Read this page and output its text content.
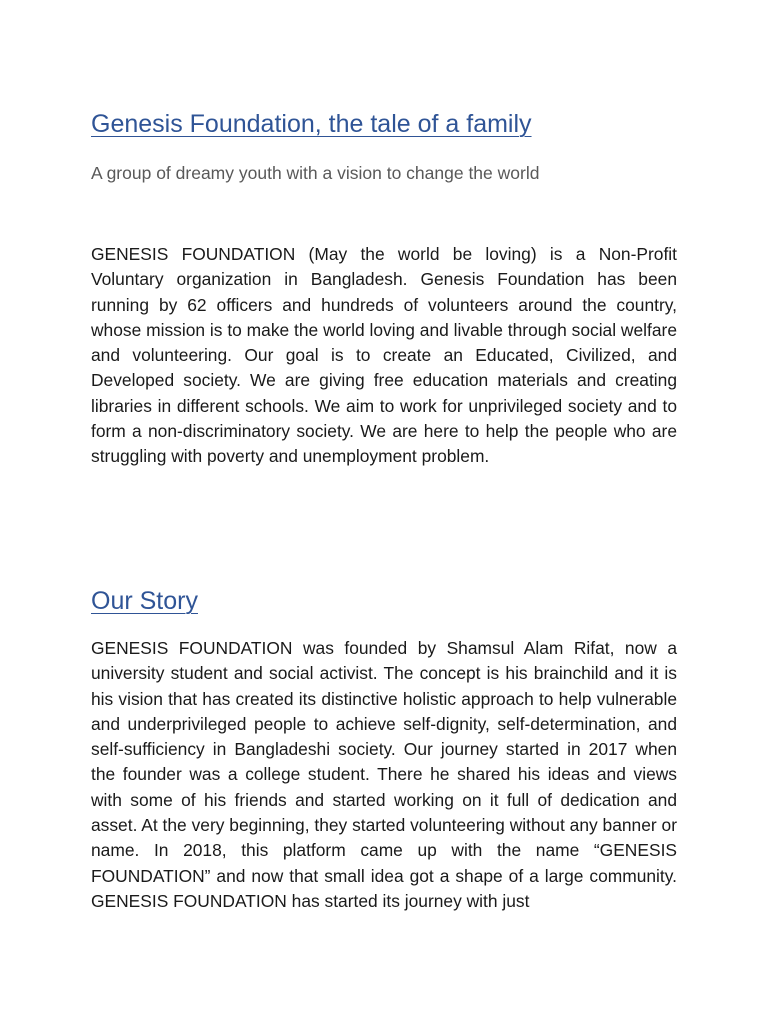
Genesis Foundation, the tale of a family

A group of dreamy youth with a vision to change the world

GENESIS FOUNDATION (May the world be loving) is a Non-Profit Voluntary organization in Bangladesh. Genesis Foundation has been running by 62 officers and hundreds of volunteers around the country, whose mission is to make the world loving and livable through social welfare and volunteering. Our goal is to create an Educated, Civilized, and Developed society. We are giving free education materials and creating libraries in different schools. We aim to work for unprivileged society and to form a non-discriminatory society. We are here to help the people who are struggling with poverty and unemployment problem.

Our Story

GENESIS FOUNDATION was founded by Shamsul Alam Rifat, now a university student and social activist. The concept is his brainchild and it is his vision that has created its distinctive holistic approach to help vulnerable and underprivileged people to achieve self-dignity, self-determination, and self-sufficiency in Bangladeshi society. Our journey started in 2017 when the founder was a college student. There he shared his ideas and views with some of his friends and started working on it full of dedication and asset. At the very beginning, they started volunteering without any banner or name. In 2018, this platform came up with the name “GENESIS FOUNDATION” and now that small idea got a shape of a large community. GENESIS FOUNDATION has started its journey with just
